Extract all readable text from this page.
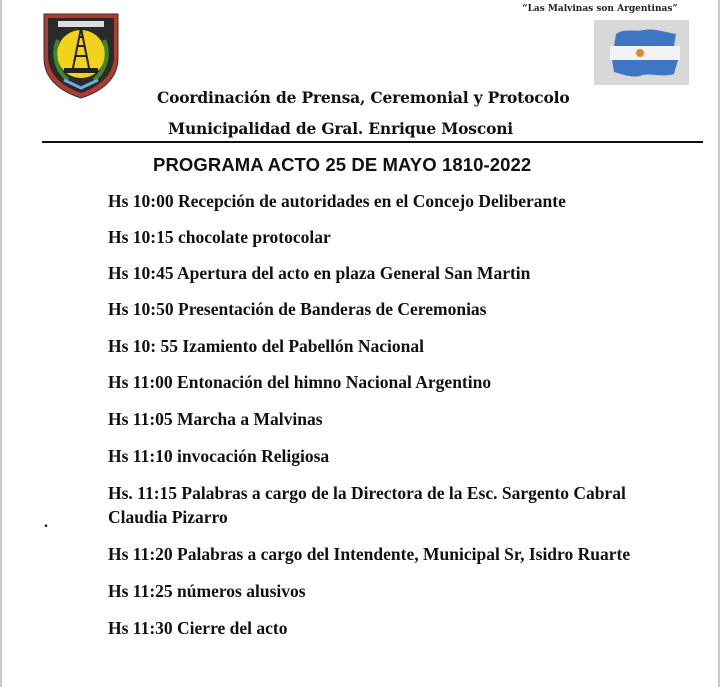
“Las Malvinas son Argentinas”
Coordinación de Prensa, Ceremonial y Protocolo
Municipalidad de Gral. Enrique Mosconi
PROGRAMA ACTO 25 DE MAYO 1810-2022
Hs 10:00 Recepción de autoridades en el Concejo Deliberante
Hs 10:15 chocolate protocolar
Hs 10:45 Apertura del acto en plaza General San Martin
Hs 10:50 Presentación de Banderas de Ceremonias
Hs 10: 55 Izamiento del Pabellón Nacional
Hs 11:00 Entonación del himno Nacional Argentino
Hs 11:05 Marcha a Malvinas
Hs 11:10 invocación Religiosa
Hs. 11:15 Palabras a cargo de la Directora de la Esc. Sargento Cabral
Claudia Pizarro
Hs 11:20 Palabras a cargo del Intendente, Municipal Sr, Isidro Ruarte
Hs 11:25 números alusivos
Hs 11:30 Cierre del acto
.
